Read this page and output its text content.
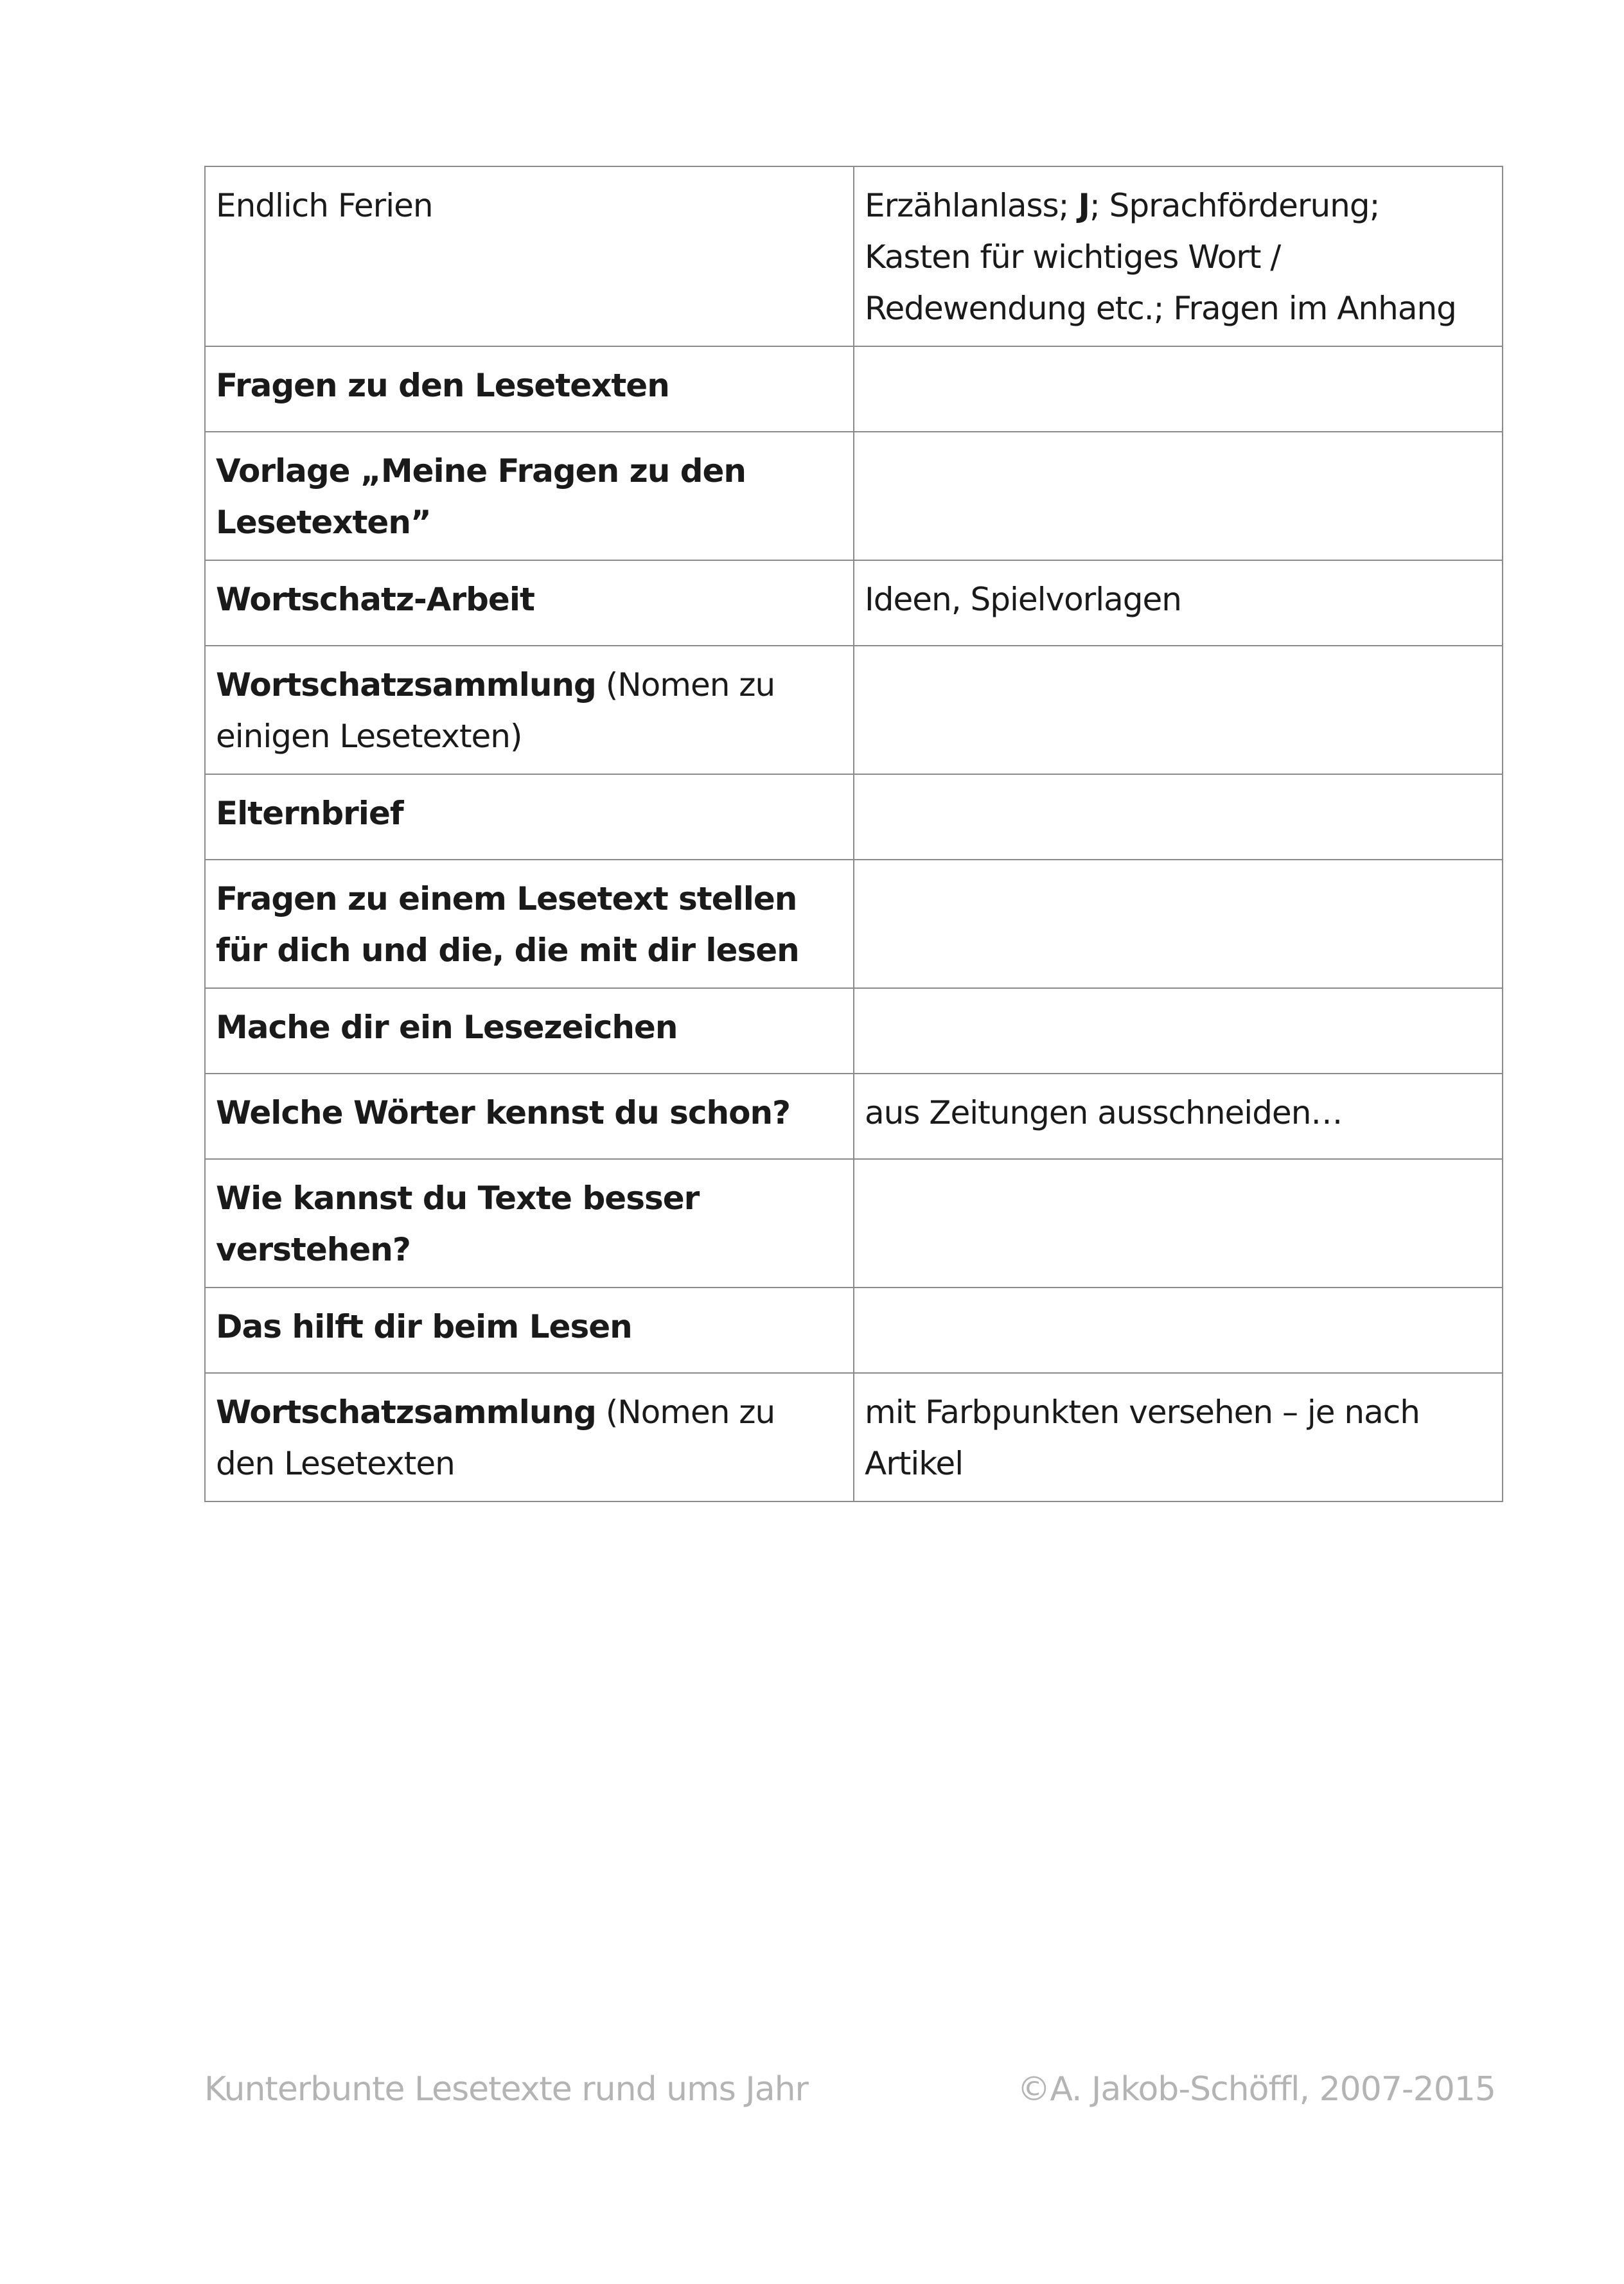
Endlich Ferien	Erzählanlass; J; Sprachförderung; Kasten für wichtiges Wort / Redewendung etc.; Fragen im Anhang
Fragen zu den Lesetexten	
Vorlage „Meine Fragen zu den Lesetexten”	
Wortschatz-Arbeit	Ideen, Spielvorlagen
Wortschatzsammlung (Nomen zu einigen Lesetexten)	
Elternbrief	
Fragen zu einem Lesetext stellen für dich und die, die mit dir lesen	
Mache dir ein Lesezeichen	
Welche Wörter kennst du schon?	aus Zeitungen ausschneiden…
Wie kannst du Texte besser verstehen?	
Das hilft dir beim Lesen	
Wortschatzsammlung (Nomen zu den Lesetexten	mit Farbpunkten versehen – je nach Artikel
Kunterbunte Lesetexte rund ums Jahr	©A. Jakob-Schöffl, 2007-2015
